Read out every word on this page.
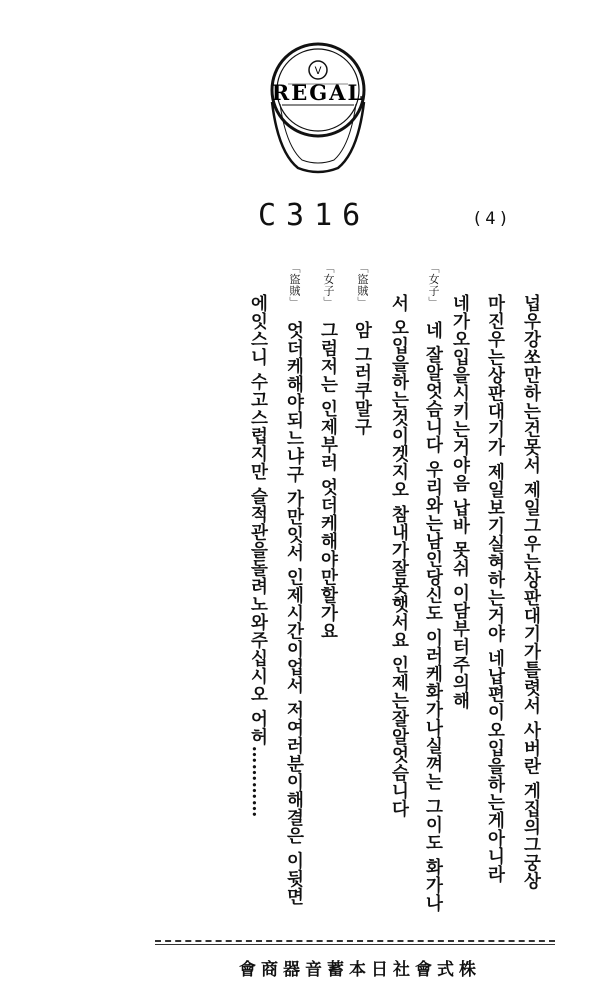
ᐯ
REGAL
C316	(4)
넙우강쏘만하는건못서 제일그우는상판대기가틀렷서 사버란 게집의그궁상
마진우는상판대기가 제일보기실혀하는거야 네납편이오입을하는게아니라
네가오입을시키는거야음 납바 못쉬 이담부터주의해
「女子」 네 잘알엇슴니다 우리와는남인당신도 이러케화가나실껴는 그이도 화가나
서 오입을하는것이겟지오 참내가잘못햇서요 인제는잘알엇슴니다
「盜賊」 암 그러쿠말구
「女子」 그럼저는 인제부러 엇더케해야만할가요
「盜賊」 엇더케해야되느냐구 가만잇서 인제시간이업서 저여러분이해결은 이뒷면
에잇스니 수고스럽지만 슬적관을돌려노와주십시오 어허…………
會商器音蓄本日社會式株
